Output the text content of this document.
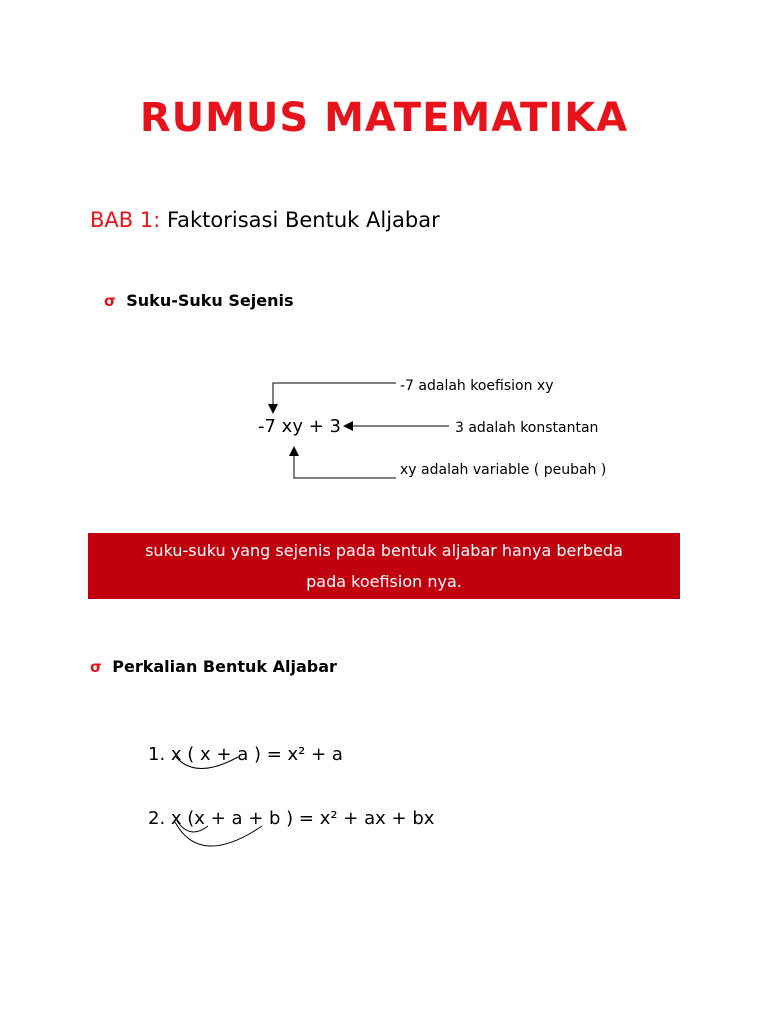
RUMUS MATEMATIKA
BAB 1: Faktorisasi Bentuk Aljabar
σ Suku-Suku Sejenis
-7 xy + 3
-7 adalah koefision xy
3 adalah konstantan
xy adalah variable ( peubah )
suku-suku yang sejenis pada bentuk aljabar hanya berbeda
pada koefision nya.
σ Perkalian Bentuk Aljabar
1. x ( x + a ) = x² + a
2. x (x + a + b ) = x² + ax + bx
